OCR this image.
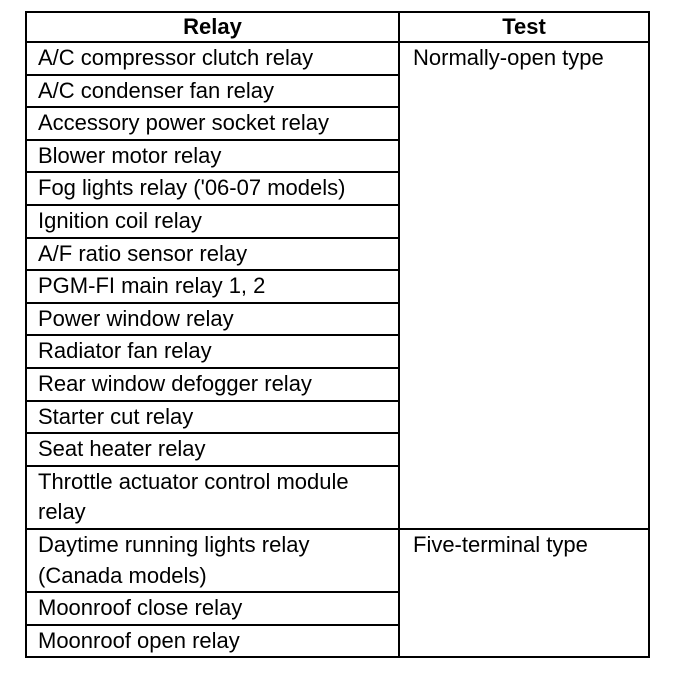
Relay	Test
A/C compressor clutch relay	Normally-open type
A/C condenser fan relay	
Accessory power socket relay	
Blower motor relay	
Fog lights relay ('06-07 models)	
Ignition coil relay	
A/F ratio sensor relay	
PGM-FI main relay 1, 2	
Power window relay	
Radiator fan relay	
Rear window defogger relay	
Starter cut relay	
Seat heater relay	
Throttle actuator control module relay	
Daytime running lights relay (Canada models)	Five-terminal type
Moonroof close relay	
Moonroof open relay	
